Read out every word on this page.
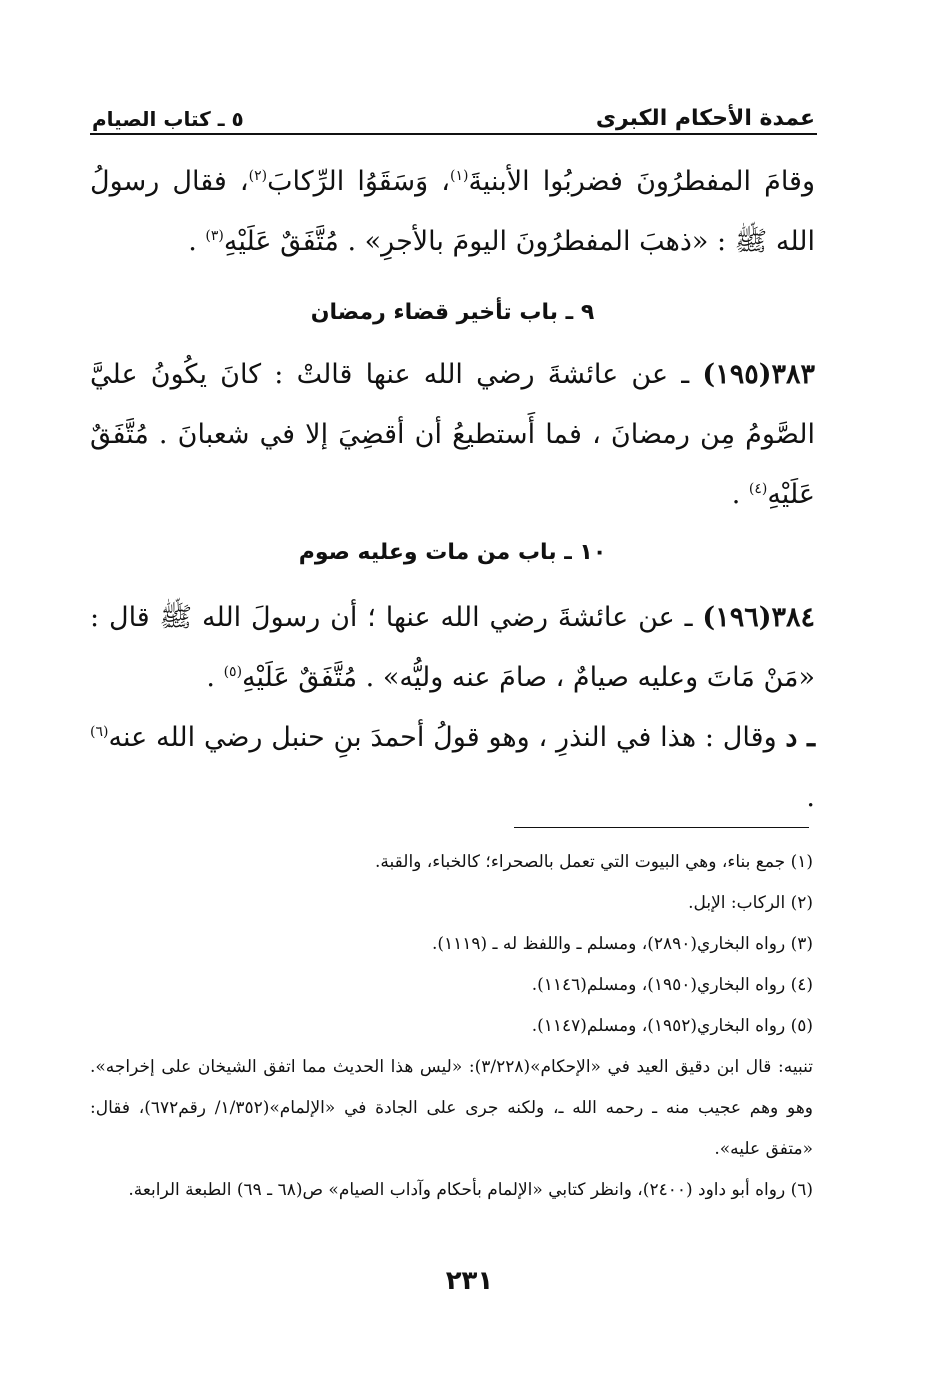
٥ ـ كتاب الصيام	عمدة الأحكام الكبرى
وقامَ المفطرُونَ فضربُوا الأبنيةَ$^{(١)}$، وَسَقَوُا الرِّكابَ$^{(٢)}$، فقال رسولُ الله ﷺ : «ذهبَ المفطرُونَ اليومَ بالأجرِ» . مُتَّفَقٌ عَلَيْهِ$^{(٣)}$ .
٩ ـ باب تأخير قضاء رمضان
٣٨٣(١٩٥) ـ عن عائشةَ رضي الله عنها قالتْ : كانَ يكُونُ عليَّ الصَّومُ مِن رمضانَ ، فما أَستطيعُ أن أقضِيَ إلا في شعبانَ . مُتَّفَقٌ عَلَيْهِ$^{(٤)}$ .
١٠ ـ باب من مات وعليه صوم
٣٨٤(١٩٦) ـ عن عائشةَ رضي الله عنها ؛ أن رسولَ الله ﷺ قال : «مَنْ مَاتَ وعليه صيامٌ ، صامَ عنه وليُّه» . مُتَّفَقٌ عَلَيْهِ$^{(٥)}$ .
ـ د وقال : هذا في النذرِ ، وهو قولُ أحمدَ بنِ حنبل رضي الله عنه$^{(٦)}$ .

(١) جمع بناء، وهي البيوت التي تعمل بالصحراء؛ كالخباء، والقبة.

(٢) الركاب: الإبل.

(٣) رواه البخاري(٢٨٩٠)، ومسلم ـ واللفظ له ـ (١١١٩).

(٤) رواه البخاري(١٩٥٠)، ومسلم(١١٤٦).

(٥) رواه البخاري(١٩٥٢)، ومسلم(١١٤٧).

تنبيه: قال ابن دقيق العيد في «الإحكام»(٣/٢٢٨): «ليس هذا الحديث مما اتفق الشيخان على إخراجه». وهو وهم عجيب منه ـ رحمه الله ـ، ولكنه جرى على الجادة في «الإلمام»(١/٣٥٢/ رقم٦٧٢)، فقال: «متفق عليه».

(٦) رواه أبو داود (٢٤٠٠)، وانظر كتابي «الإلمام بأحكام وآداب الصيام» ص(٦٨ ـ ٦٩) الطبعة الرابعة.

٢٣١
